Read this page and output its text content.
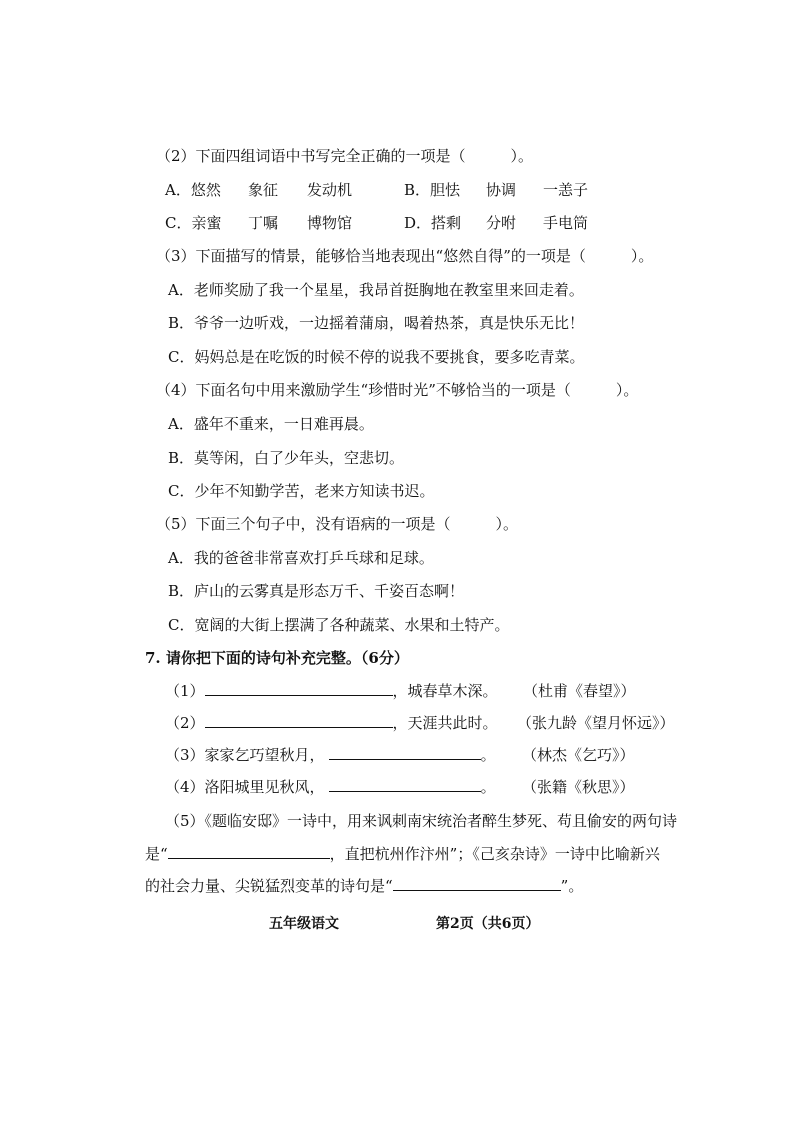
（2）下面四组词语中书写完全正确的一项是（　　　）。
A．悠然 象征 发动机	B．胆怯 协调 一恙子
C．亲蜜 丁嘱 博物馆	D．搭剩 分咐 手电筒
（3）下面描写的情景，能够恰当地表现出“悠然自得”的一项是（　　　）。
A．老师奖励了我一个星星，我昂首挺胸地在教室里来回走着。
B．爷爷一边听戏，一边摇着蒲扇，喝着热茶，真是快乐无比！
C．妈妈总是在吃饭的时候不停的说我不要挑食，要多吃青菜。
（4）下面名句中用来激励学生“珍惜时光”不够恰当的一项是（　　　）。
A．盛年不重来，一日难再晨。
B．莫等闲，白了少年头，空悲切。
C．少年不知勤学苦，老来方知读书迟。
（5）下面三个句子中，没有语病的一项是（　　　）。
A．我的爸爸非常喜欢打乒乓球和足球。
B．庐山的云雾真是形态万千、千姿百态啊！
C．宽阔的大街上摆满了各种蔬菜、水果和土特产。
7. 请你把下面的诗句补充完整。（6分）
（1）	，城春草木深。 （杜甫《春望》）
（2）	，天涯共此时。 （张九龄《望月怀远》）
（3）家家乞巧望秋月，	。 （林杰《乞巧》）
（4）洛阳城里见秋风，	。 （张籍《秋思》）
（5）《题临安邸》一诗中，用来讽刺南宋统治者醉生梦死、苟且偷安的两句诗
是“	，直把杭州作汴州”；《己亥杂诗》一诗中比喻新兴
的社会力量、尖锐猛烈变革的诗句是“	”。
五年级语文	第2页（共6页）
